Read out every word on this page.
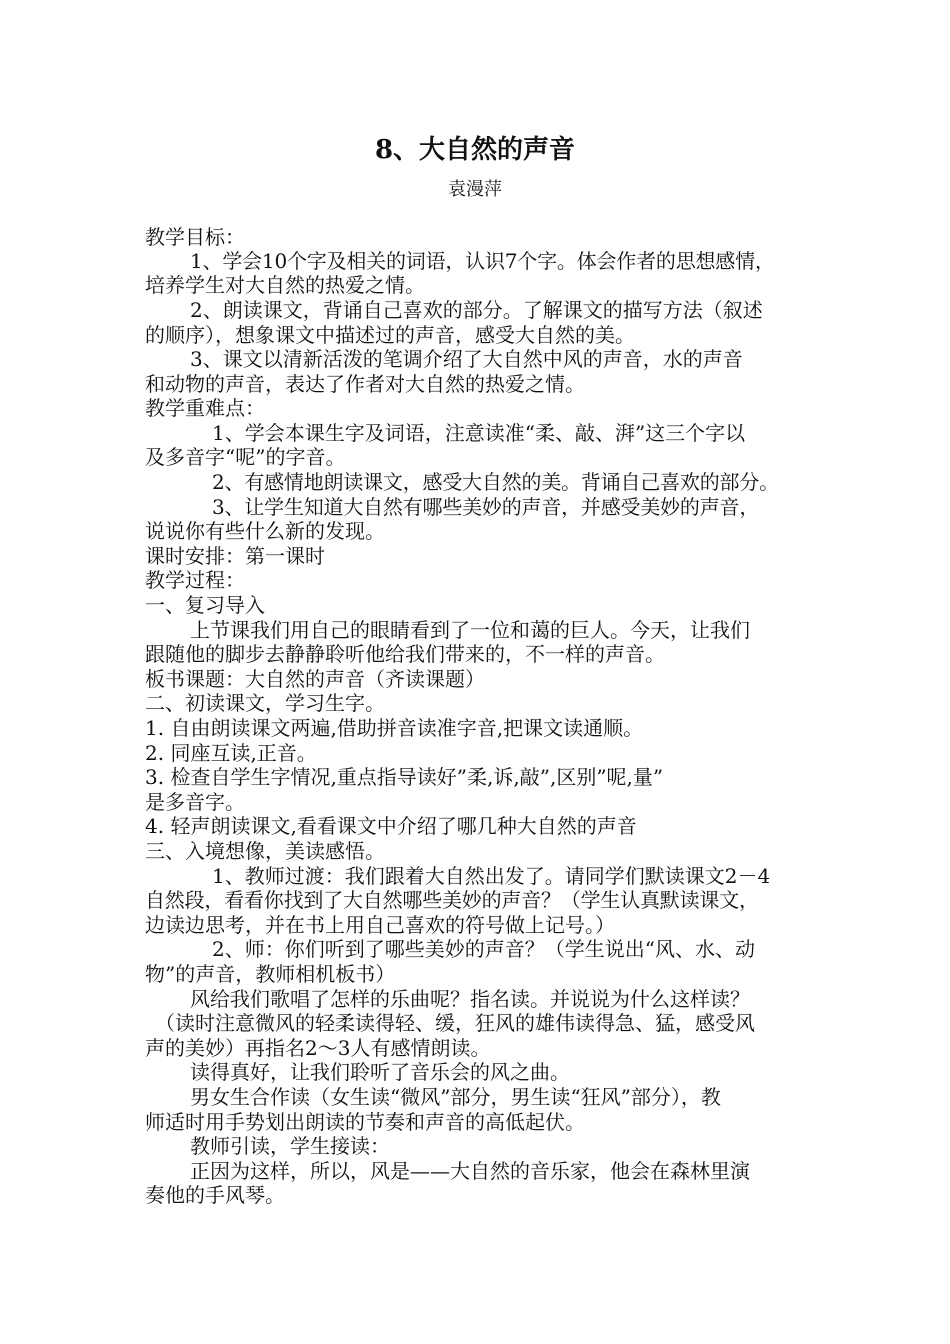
8、大自然的声音
袁漫萍
教学目标：
1、学会10个字及相关的词语，认识7个字。体会作者的思想感情，
培养学生对大自然的热爱之情。
2、朗读课文，背诵自己喜欢的部分。了解课文的描写方法（叙述
的顺序），想象课文中描述过的声音，感受大自然的美。
3、课文以清新活泼的笔调介绍了大自然中风的声音，水的声音
和动物的声音，表达了作者对大自然的热爱之情。
教学重难点：
1、学会本课生字及词语，注意读准“柔、敲、湃”这三个字以
及多音字“呢”的字音。
2、有感情地朗读课文，感受大自然的美。背诵自己喜欢的部分。
3、让学生知道大自然有哪些美妙的声音，并感受美妙的声音，
说说你有些什么新的发现。
课时安排：第一课时
教学过程：
一、复习导入
上节课我们用自己的眼睛看到了一位和蔼的巨人。今天，让我们
跟随他的脚步去静静聆听他给我们带来的，不一样的声音。
板书课题：大自然的声音（齐读课题）
二、初读课文，学习生字。
1. 自由朗读课文两遍,借助拼音读准字音,把课文读通顺。
2. 同座互读,正音。
3. 检查自学生字情况,重点指导读好”柔,诉,敲”,区别”呢,量”
是多音字。
4. 轻声朗读课文,看看课文中介绍了哪几种大自然的声音
三、入境想像，美读感悟。
1、教师过渡：我们跟着大自然出发了。请同学们默读课文2－4
自然段，看看你找到了大自然哪些美妙的声音？（学生认真默读课文，
边读边思考，并在书上用自己喜欢的符号做上记号。）
2、师：你们听到了哪些美妙的声音？（学生说出“风、水、动
物”的声音，教师相机板书）
风给我们歌唱了怎样的乐曲呢？指名读。并说说为什么这样读？
（读时注意微风的轻柔读得轻、缓，狂风的雄伟读得急、猛，感受风
声的美妙）再指名2～3人有感情朗读。
读得真好，让我们聆听了音乐会的风之曲。
男女生合作读（女生读“微风”部分，男生读“狂风”部分），教
师适时用手势划出朗读的节奏和声音的高低起伏。
教师引读，学生接读：
正因为这样，所以，风是——大自然的音乐家，他会在森林里演
奏他的手风琴。
